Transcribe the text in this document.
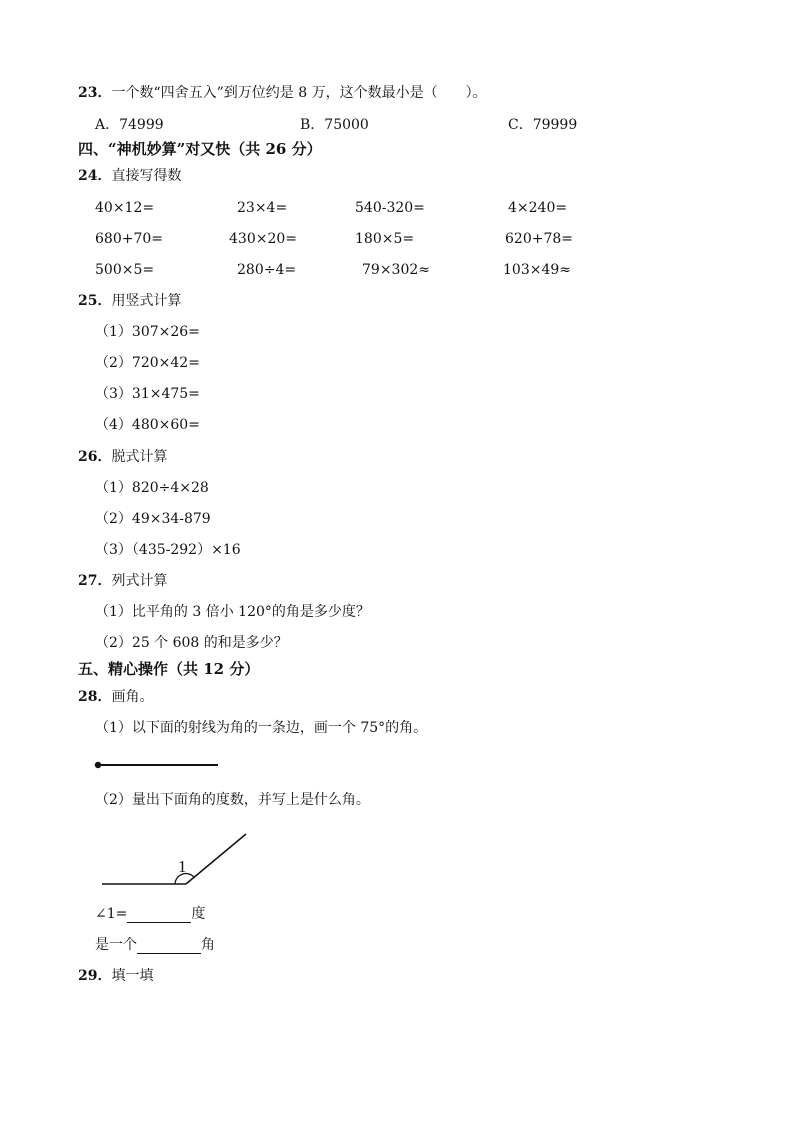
23．一个数“四舍五入”到万位约是 8 万，这个数最小是（　　）。
A．74999	B．75000	C．79999
四、“神机妙算”对又快（共 26 分）
24．直接写得数
40×12=	23×4=	540-320=	4×240=
680+70=	430×20=	180×5=	620+78=
500×5=	280÷4=	79×302≈	103×49≈
25．用竖式计算
（1）307×26=
（2）720×42=
（3）31×475=
（4）480×60=
26．脱式计算
（1）820÷4×28
（2）49×34-879
（3）（435-292）×16
27．列式计算
（1）比平角的 3 倍小 120°的角是多少度？
（2）25 个 608 的和是多少？
五、精心操作（共 12 分）
28．画角。
（1）以下面的射线为角的一条边，画一个 75°的角。
（2）量出下面角的度数，并写上是什么角。
1
∠1=	度
是一个	角
29．填一填
